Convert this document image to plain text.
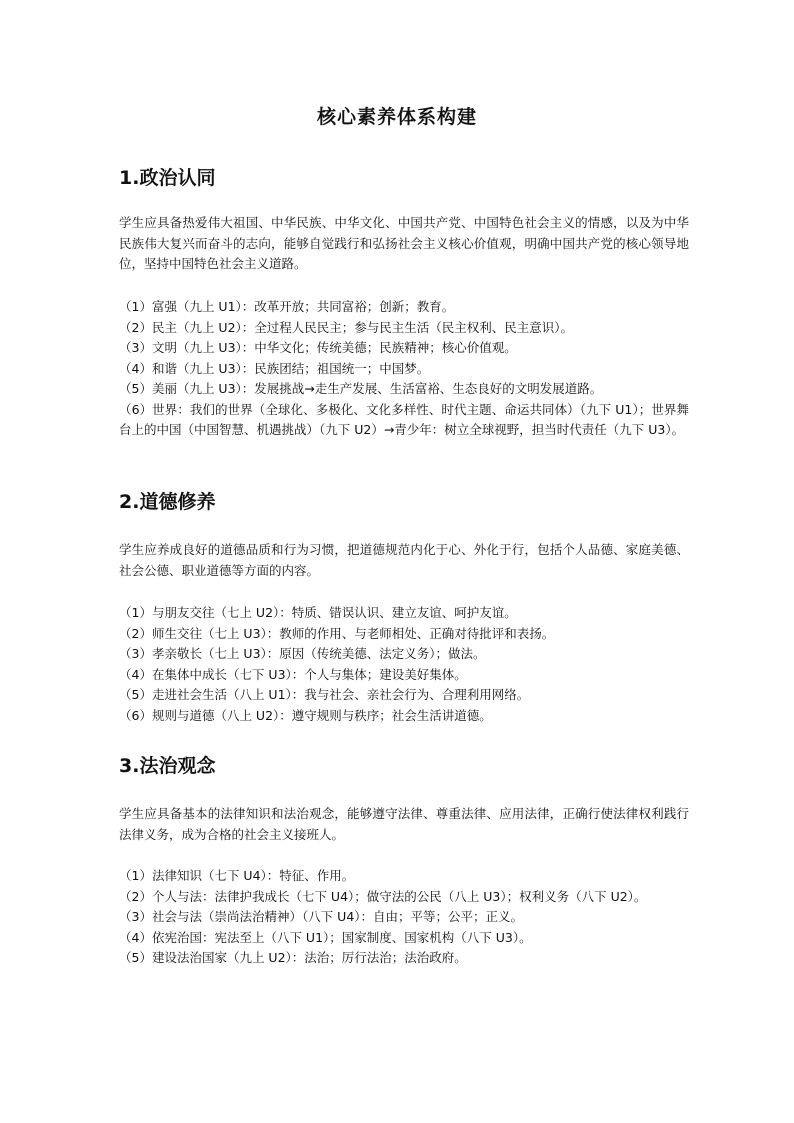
核心素养体系构建
1.政治认同

学生应具备热爱伟大祖国、中华民族、中华文化、中国共产党、中国特色社会主义的情感，以及为中华民族伟大复兴而奋斗的志向，能够自觉践行和弘扬社会主义核心价值观，明确中国共产党的核心领导地位，坚持中国特色社会主义道路。

（1）富强（九上 U1）：改革开放；共同富裕；创新；教育。
（2）民主（九上 U2）：全过程人民民主；参与民主生活（民主权利、民主意识）。
（3）文明（九上 U3）：中华文化；传统美德；民族精神；核心价值观。
（4）和谐（九上 U3）：民族团结；祖国统一；中国梦。
（5）美丽（九上 U3）：发展挑战→走生产发展、生活富裕、生态良好的文明发展道路。
（6）世界：我们的世界（全球化、多极化、文化多样性、时代主题、命运共同体）（九下 U1）；世界舞台上的中国（中国智慧、机遇挑战）（九下 U2）→青少年：树立全球视野，担当时代责任（九下 U3）。
2.道德修养

学生应养成良好的道德品质和行为习惯，把道德规范内化于心、外化于行，包括个人品德、家庭美德、社会公德、职业道德等方面的内容。

（1）与朋友交往（七上 U2）：特质、错误认识、建立友谊、呵护友谊。
（2）师生交往（七上 U3）：教师的作用、与老师相处、正确对待批评和表扬。
（3）孝亲敬长（七上 U3）：原因（传统美德、法定义务）；做法。
（4）在集体中成长（七下 U3）：个人与集体；建设美好集体。
（5）走进社会生活（八上 U1）：我与社会、亲社会行为、合理利用网络。
（6）规则与道德（八上 U2）：遵守规则与秩序；社会生活讲道德。
3.法治观念

学生应具备基本的法律知识和法治观念，能够遵守法律、尊重法律、应用法律，正确行使法律权利践行法律义务，成为合格的社会主义接班人。

（1）法律知识（七下 U4）：特征、作用。
（2）个人与法：法律护我成长（七下 U4）；做守法的公民（八上 U3）；权利义务（八下 U2）。
（3）社会与法（崇尚法治精神）（八下 U4）：自由；平等；公平；正义。
（4）依宪治国：宪法至上（八下 U1）；国家制度、国家机构（八下 U3）。
（5）建设法治国家（九上 U2）：法治；厉行法治；法治政府。
